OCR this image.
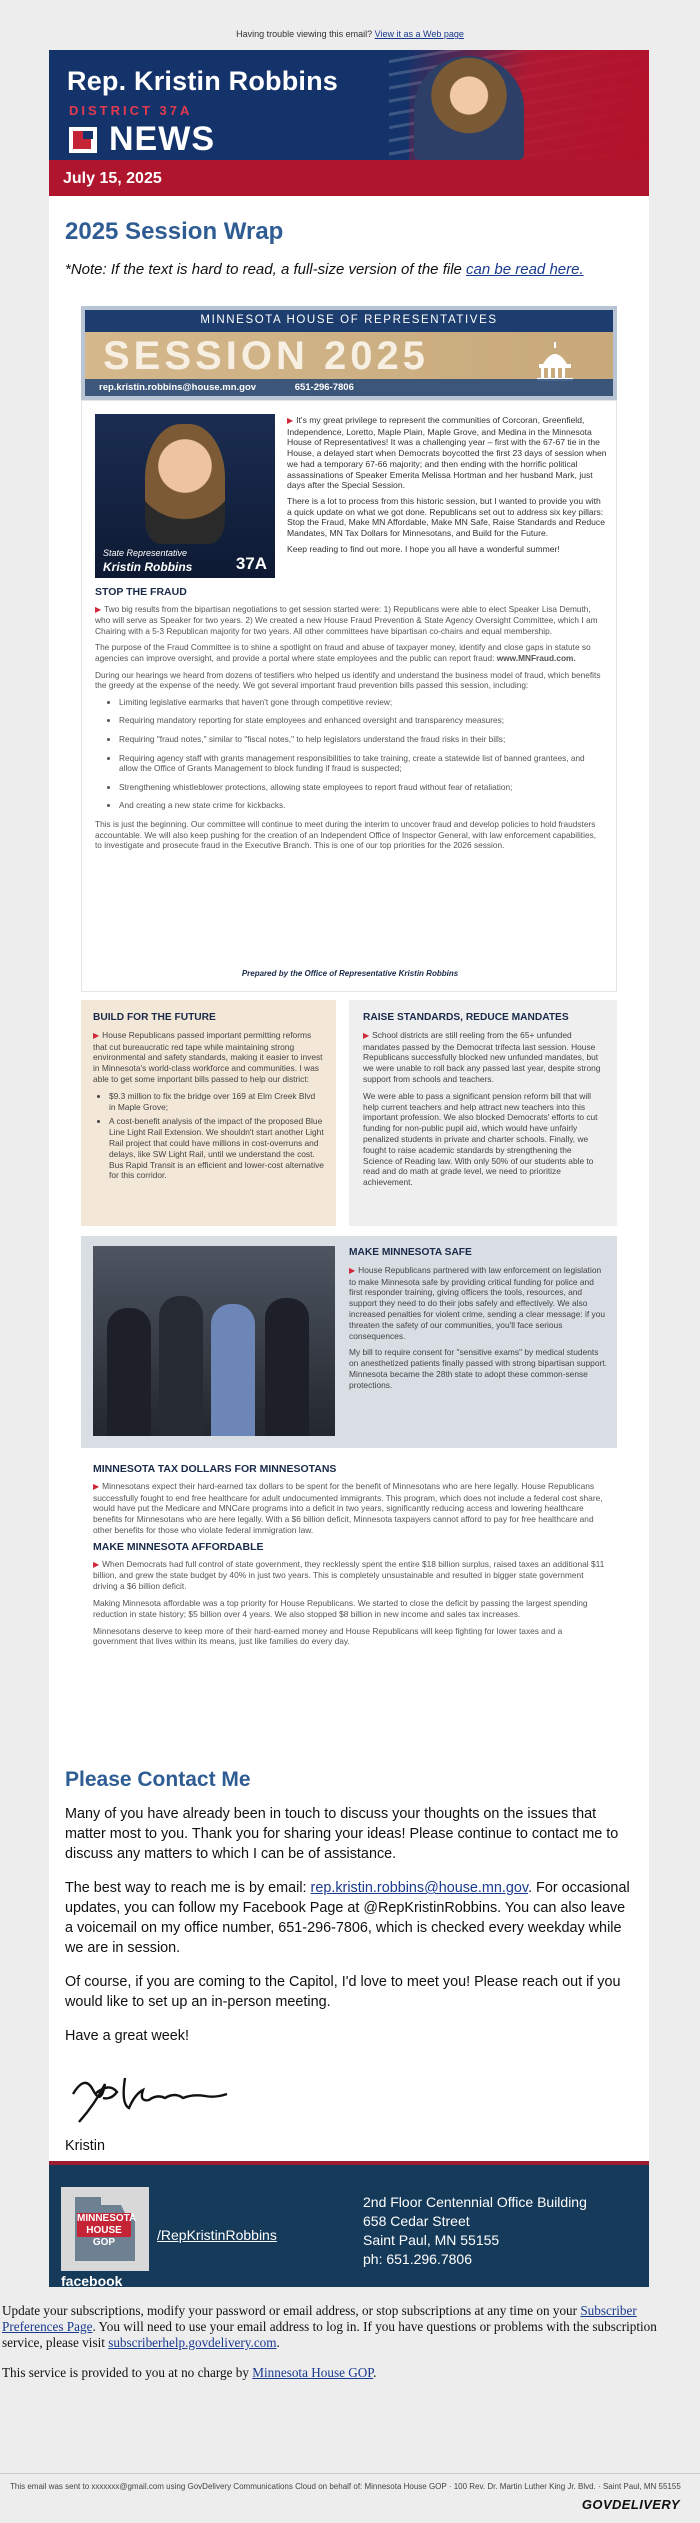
Having trouble viewing this email? View it as a Web page
Rep. Kristin Robbins
DISTRICT 37A
NEWS
July 15, 2025
2025 Session Wrap
*Note: If the text is hard to read, a full-size version of the file can be read here.
MINNESOTA HOUSE OF REPRESENTATIVES
SESSION 2025
rep.kristin.robbins@house.mn.gov	651-296-7806
State Representative
Kristin Robbins	37A

▶ It's my great privilege to represent the communities of Corcoran, Greenfield, Independence, Loretto, Maple Plain, Maple Grove, and Medina in the Minnesota House of Representatives! It was a challenging year – first with the 67-67 tie in the House, a delayed start when Democrats boycotted the first 23 days of session when we had a temporary 67-66 majority; and then ending with the horrific political assassinations of Speaker Emerita Melissa Hortman and her husband Mark, just days after the Special Session.

There is a lot to process from this historic session, but I wanted to provide you with a quick update on what we got done. Republicans set out to address six key pillars: Stop the Fraud, Make MN Affordable, Make MN Safe, Raise Standards and Reduce Mandates, MN Tax Dollars for Minnesotans, and Build for the Future.

Keep reading to find out more. I hope you all have a wonderful summer!

STOP THE FRAUD

▶ Two big results from the bipartisan negotiations to get session started were: 1) Republicans were able to elect Speaker Lisa Demuth, who will serve as Speaker for two years. 2) We created a new House Fraud Prevention & State Agency Oversight Committee, which I am Chairing with a 5-3 Republican majority for two years. All other committees have bipartisan co-chairs and equal membership.

The purpose of the Fraud Committee is to shine a spotlight on fraud and abuse of taxpayer money, identify and close gaps in statute so agencies can improve oversight, and provide a portal where state employees and the public can report fraud: www.MNFraud.com.

During our hearings we heard from dozens of testifiers who helped us identify and understand the business model of fraud, which benefits the greedy at the expense of the needy. We got several important fraud prevention bills passed this session, including:

• Limiting legislative earmarks that haven't gone through competitive review;
• Requiring mandatory reporting for state employees and enhanced oversight and transparency measures;
• Requiring "fraud notes," similar to "fiscal notes," to help legislators understand the fraud risks in their bills;
• Requiring agency staff with grants management responsibilities to take training, create a statewide list of banned grantees, and allow the Office of Grants Management to block funding if fraud is suspected;
• Strengthening whistleblower protections, allowing state employees to report fraud without fear of retaliation;
• And creating a new state crime for kickbacks.

This is just the beginning. Our committee will continue to meet during the interim to uncover fraud and develop policies to hold fraudsters accountable. We will also keep pushing for the creation of an Independent Office of Inspector General, with law enforcement capabilities, to investigate and prosecute fraud in the Executive Branch. This is one of our top priorities for the 2026 session.

Prepared by the Office of Representative Kristin Robbins
BUILD FOR THE FUTURE

▶ House Republicans passed important permitting reforms that cut bureaucratic red tape while maintaining strong environmental and safety standards, making it easier to invest in Minnesota's world-class workforce and communities. I was able to get some important bills passed to help our district:

• $9.3 million to fix the bridge over 169 at Elm Creek Blvd in Maple Grove;
• A cost-benefit analysis of the impact of the proposed Blue Line Light Rail Extension. We shouldn't start another Light Rail project that could have millions in cost-overruns and delays, like SW Light Rail, until we understand the cost. Bus Rapid Transit is an efficient and lower-cost alternative for this corridor.
RAISE STANDARDS, REDUCE MANDATES

▶ School districts are still reeling from the 65+ unfunded mandates passed by the Democrat trifecta last session. House Republicans successfully blocked new unfunded mandates, but we were unable to roll back any passed last year, despite strong support from schools and teachers.

We were able to pass a significant pension reform bill that will help current teachers and help attract new teachers into this important profession. We also blocked Democrats' efforts to cut funding for non-public pupil aid, which would have unfairly penalized students in private and charter schools. Finally, we fought to raise academic standards by strengthening the Science of Reading law. With only 50% of our students able to read and do math at grade level, we need to prioritize achievement.

MAKE MINNESOTA SAFE

▶ House Republicans partnered with law enforcement on legislation to make Minnesota safe by providing critical funding for police and first responder training, giving officers the tools, resources, and support they need to do their jobs safely and effectively. We also increased penalties for violent crime, sending a clear message: if you threaten the safety of our communities, you'll face serious consequences.

My bill to require consent for "sensitive exams" by medical students on anesthetized patients finally passed with strong bipartisan support. Minnesota became the 28th state to adopt these common-sense protections.

MINNESOTA TAX DOLLARS FOR MINNESOTANS

▶ Minnesotans expect their hard-earned tax dollars to be spent for the benefit of Minnesotans who are here legally. House Republicans successfully fought to end free healthcare for adult undocumented immigrants. This program, which does not include a federal cost share, would have put the Medicare and MNCare programs into a deficit in two years, significantly reducing access and lowering healthcare benefits for Minnesotans who are here legally. With a $6 billion deficit, Minnesota taxpayers cannot afford to pay for free healthcare and other benefits for those who violate federal immigration law.

MAKE MINNESOTA AFFORDABLE

▶ When Democrats had full control of state government, they recklessly spent the entire $18 billion surplus, raised taxes an additional $11 billion, and grew the state budget by 40% in just two years. This is completely unsustainable and resulted in bigger state government driving a $6 billion deficit.

Making Minnesota affordable was a top priority for House Republicans. We started to close the deficit by passing the largest spending reduction in state history; $5 billion over 4 years. We also stopped $8 billion in new income and sales tax increases.

Minnesotans deserve to keep more of their hard-earned money and House Republicans will keep fighting for lower taxes and a government that lives within its means, just like families do every day.

Please Contact Me

Many of you have already been in touch to discuss your thoughts on the issues that matter most to you. Thank you for sharing your ideas! Please continue to contact me to discuss any matters to which I can be of assistance.

The best way to reach me is by email: rep.kristin.robbins@house.mn.gov. For occasional updates, you can follow my Facebook Page at @RepKristinRobbins. You can also leave a voicemail on my office number, 651-296-7806, which is checked every weekday while we are in session.

Of course, if you are coming to the Capitol, I'd love to meet you! Please reach out if you would like to set up an in-person meeting.

Have a great week!

Kristin

MINNESOTA HOUSE GOP
facebook
/RepKristinRobbins
2nd Floor Centennial Office Building
658 Cedar Street
Saint Paul, MN 55155
ph: 651.296.7806

Update your subscriptions, modify your password or email address, or stop subscriptions at any time on your Subscriber Preferences Page. You will need to use your email address to log in. If you have questions or problems with the subscription service, please visit subscriberhelp.govdelivery.com.

This service is provided to you at no charge by Minnesota House GOP.

This email was sent to xxxxxxx@gmail.com using GovDelivery Communications Cloud on behalf of: Minnesota House GOP · 100 Rev. Dr. Martin Luther King Jr. Blvd. · Saint Paul, MN 55155
GOVDELIVERY
